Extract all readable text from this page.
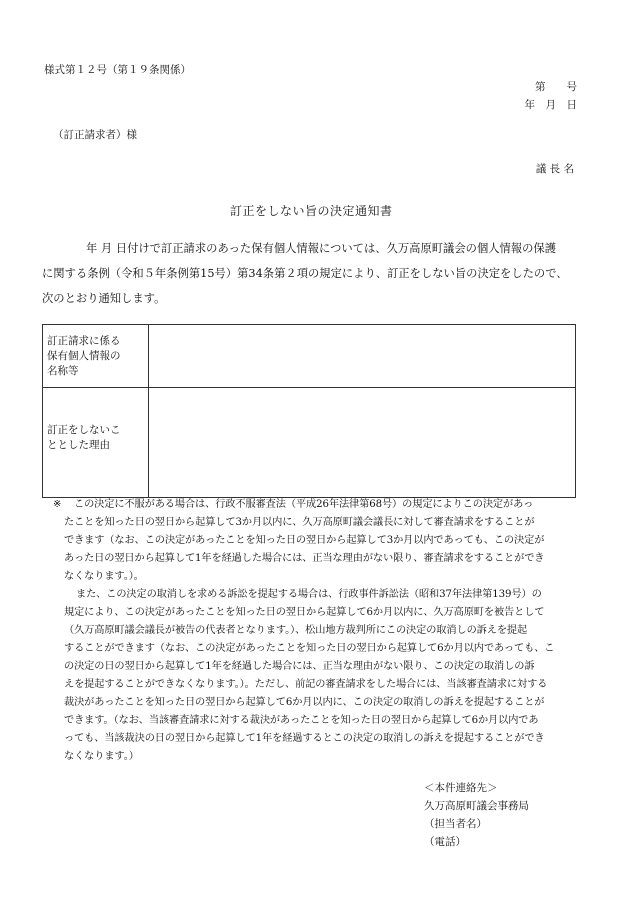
様式第１２号（第１９条関係）
第　　号
年　月　日
（訂正請求者）様
議 長 名
訂正をしない旨の決定通知書
年 月 日付けで訂正請求のあった保有個人情報については、久万高原町議会の個人情報の保護
に関する条例（令和５年条例第15号）第34条第２項の規定により、訂正をしない旨の決定をしたので、
次のとおり通知します。
訂正請求に係る
保有個人情報の
名称等	

訂正をしないこ
ととした理由	

※ この決定に不服がある場合は、行政不服審査法（平成26年法律第68号）の規定によりこの決定があっ
たことを知った日の翌日から起算して3か月以内に、久万高原町議会議長に対して審査請求をすることが
できます（なお、この決定があったことを知った日の翌日から起算して3か月以内であっても、この決定が
あった日の翌日から起算して1年を経過した場合には、正当な理由がない限り、審査請求をすることができ
なくなります。）。
また、この決定の取消しを求める訴訟を提起する場合は、行政事件訴訟法（昭和37年法律第139号）の
規定により、この決定があったことを知った日の翌日から起算して6か月以内に、久万高原町を被告として
（久万高原町議会議長が被告の代表者となります。）、松山地方裁判所にこの決定の取消しの訴えを提起
することができます（なお、この決定があったことを知った日の翌日から起算して6か月以内であっても、こ
の決定の日の翌日から起算して1年を経過した場合には、正当な理由がない限り、この決定の取消しの訴
えを提起することができなくなります。）。ただし、前記の審査請求をした場合には、当該審査請求に対する
裁決があったことを知った日の翌日から起算して6か月以内に、この決定の取消しの訴えを提起することが
できます。（なお、当該審査請求に対する裁決があったことを知った日の翌日から起算して6か月以内であ
っても、当該裁決の日の翌日から起算して1年を経過するとこの決定の取消しの訴えを提起することができ
なくなります。）
＜本件連絡先＞
久万高原町議会事務局
（担当者名）
（電話）
